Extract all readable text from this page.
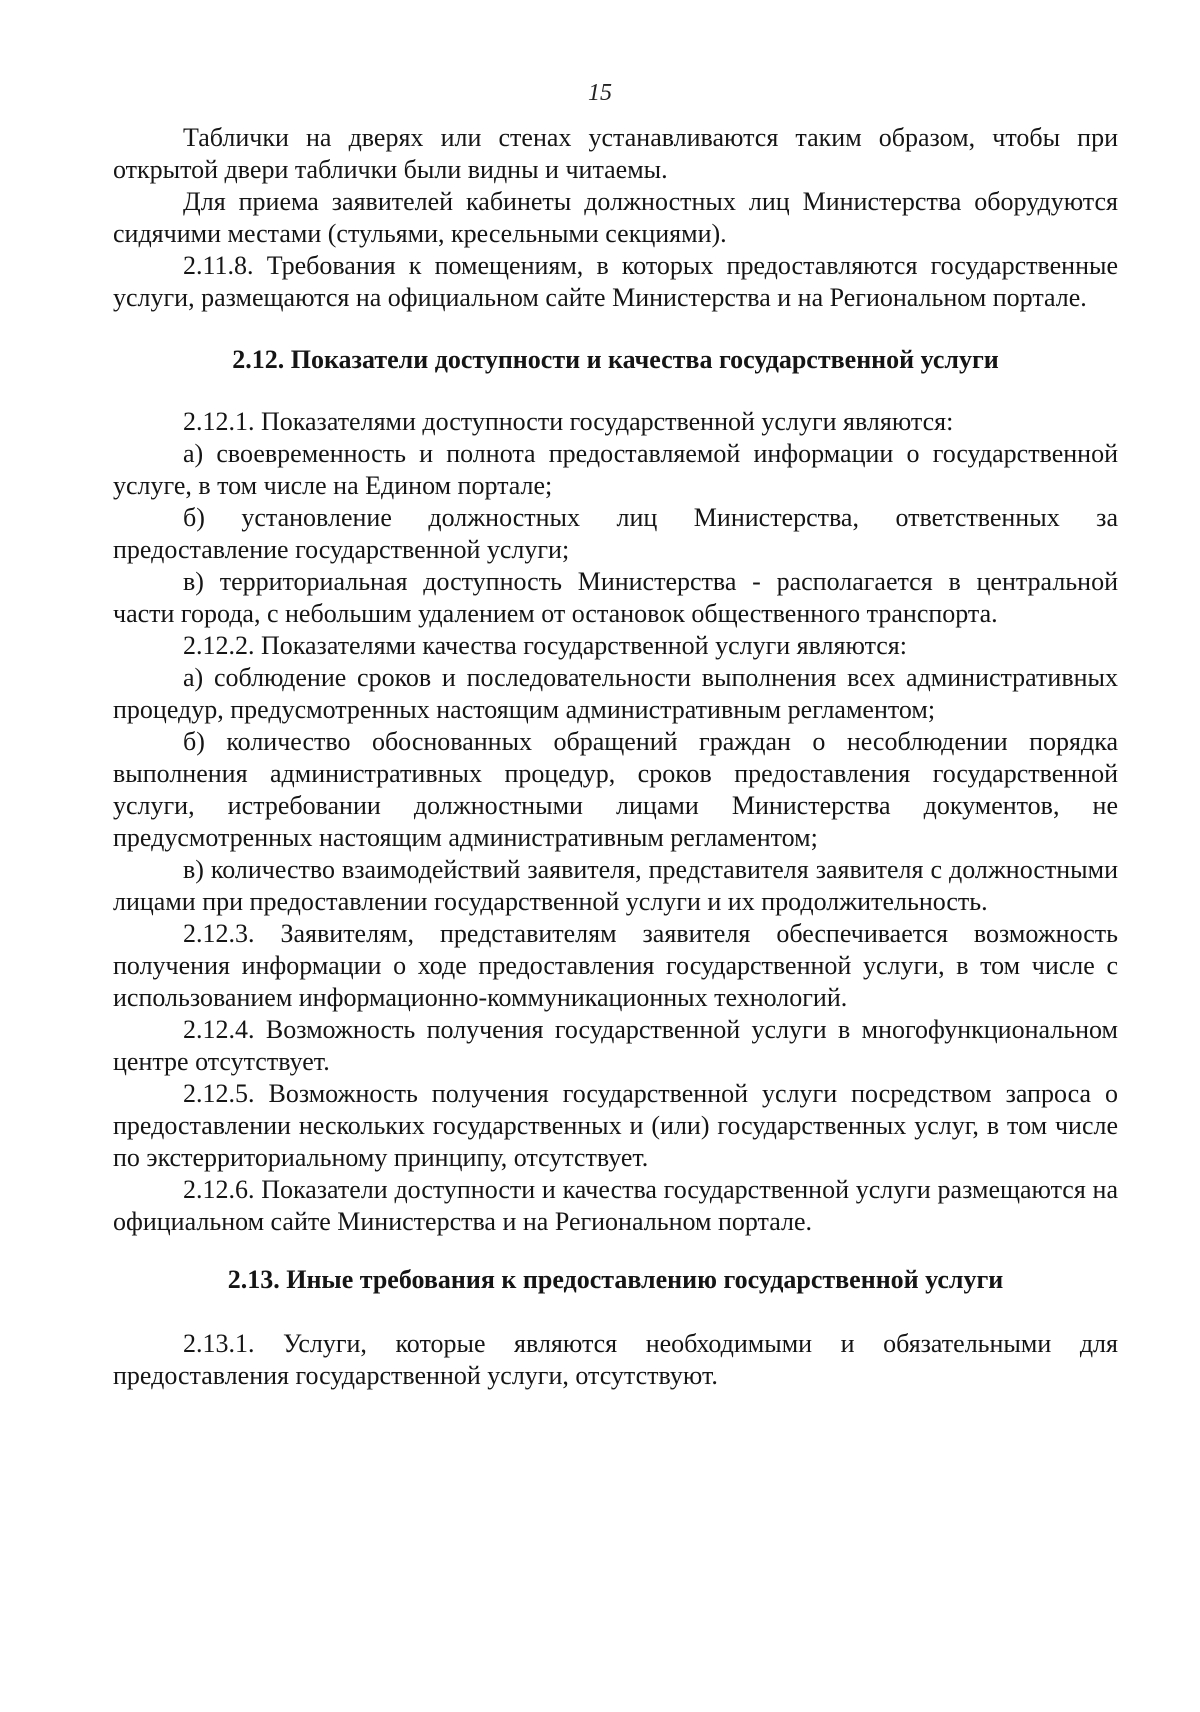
15

Таблички на дверях или стенах устанавливаются таким образом, чтобы при открытой двери таблички были видны и читаемы.

Для приема заявителей кабинеты должностных лиц Министерства оборудуются сидячими местами (стульями, кресельными секциями).

2.11.8. Требования к помещениям, в которых предоставляются государственные услуги, размещаются на официальном сайте Министерства и на Региональном портале.

2.12. Показатели доступности и качества государственной услуги

2.12.1. Показателями доступности государственной услуги являются:

а) своевременность и полнота предоставляемой информации о государственной услуге, в том числе на Едином портале;

б) установление должностных лиц Министерства, ответственных за предоставление государственной услуги;

в) территориальная доступность Министерства - располагается в центральной части города, с небольшим удалением от остановок общественного транспорта.

2.12.2. Показателями качества государственной услуги являются:

а) соблюдение сроков и последовательности выполнения всех административных процедур, предусмотренных настоящим административным регламентом;

б) количество обоснованных обращений граждан о несоблюдении порядка выполнения административных процедур, сроков предоставления государственной услуги, истребовании должностными лицами Министерства документов, не предусмотренных настоящим административным регламентом;

в) количество взаимодействий заявителя, представителя заявителя с должностными лицами при предоставлении государственной услуги и их продолжительность.

2.12.3. Заявителям, представителям заявителя обеспечивается возможность получения информации о ходе предоставления государственной услуги, в том числе с использованием информационно-коммуникационных технологий.

2.12.4. Возможность получения государственной услуги в многофункциональном центре отсутствует.

2.12.5. Возможность получения государственной услуги посредством запроса о предоставлении нескольких государственных и (или) государственных услуг, в том числе по экстерриториальному принципу, отсутствует.

2.12.6. Показатели доступности и качества государственной услуги размещаются на официальном сайте Министерства и на Региональном портале.

2.13. Иные требования к предоставлению государственной услуги

2.13.1. Услуги, которые являются необходимыми и обязательными для предоставления государственной услуги, отсутствуют.
